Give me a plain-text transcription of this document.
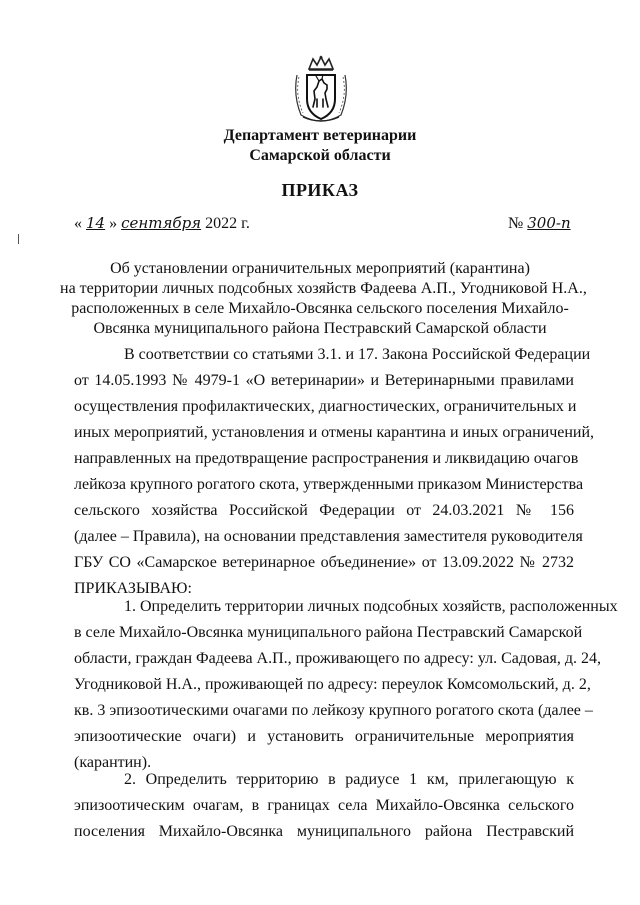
Департамент ветеринарии
Самарской области
ПРИКАЗ
« 14 » сентября 2022 г.	№ 300-п
Об установлении ограничительных мероприятий (карантина)
на территории личных подсобных хозяйств Фадеева А.П., Угодниковой Н.А.,
расположенных в селе Михайло-Овсянка сельского поселения Михайло-
Овсянка муниципального района Пестравский Самарской области
В соответствии со статьями 3.1. и 17. Закона Российской Федерации
от 14.05.1993 № 4979-1 «О ветеринарии» и Ветеринарными правилами
осуществления профилактических, диагностических, ограничительных и
иных мероприятий, установления и отмены карантина и иных ограничений,
направленных на предотвращение распространения и ликвидацию очагов
лейкоза крупного рогатого скота, утвержденными приказом Министерства
сельского хозяйства Российской Федерации от 24.03.2021 № 156
(далее – Правила), на основании представления заместителя руководителя
ГБУ СО «Самарское ветеринарное объединение» от 13.09.2022 № 2732
ПРИКАЗЫВАЮ:
1. Определить территории личных подсобных хозяйств, расположенных
в селе Михайло-Овсянка муниципального района Пестравский Самарской
области, граждан Фадеева А.П., проживающего по адресу: ул. Садовая, д. 24,
Угодниковой Н.А., проживающей по адресу: переулок Комсомольский, д. 2,
кв. 3 эпизоотическими очагами по лейкозу крупного рогатого скота (далее –
эпизоотические очаги) и установить ограничительные мероприятия
(карантин).
2. Определить территорию в радиусе 1 км, прилегающую к
эпизоотическим очагам, в границах села Михайло-Овсянка сельского
поселения Михайло-Овсянка муниципального района Пестравский
